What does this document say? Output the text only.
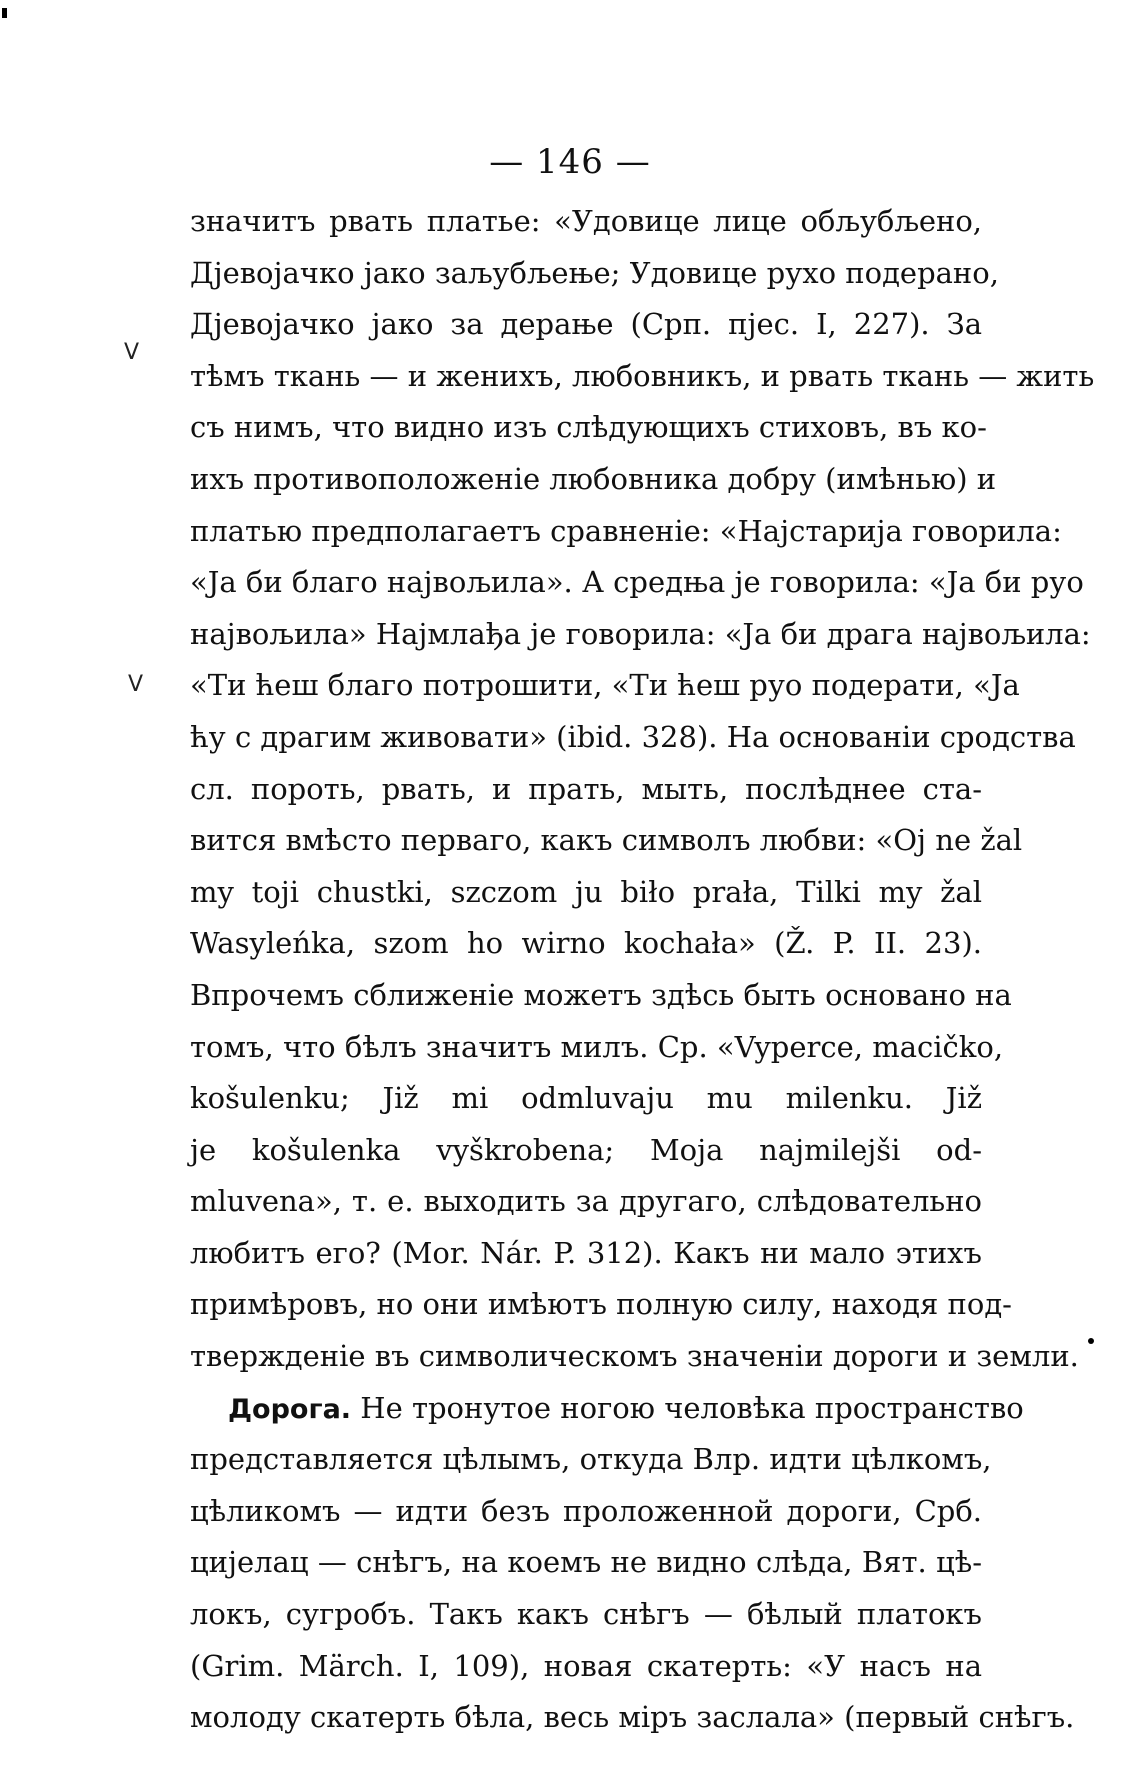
V
V
— 146 —
значитъ рвать платье: «Удовице лице обљубљено,
Дјевојачко јако заљубљење; Удовице рухо подерано,
Дјевојачко јако за дерање (Срп. пјес. I, 227). За
тѣмъ ткань — и женихъ, любовникъ, и рвать ткань — жить
съ нимъ, что видно изъ слѣдующихъ стиховъ, въ ко-
ихъ противоположеніе любовника добру (имѣнью) и
платью предполагаетъ сравненіе: «Најстарија говорила:
«Ја би благо највољила». А средња је говорила: «Ја би руо
највољила» Најмлађа је говорила: «Ја би драга највољила:
«Ти ћеш благо потрошити, «Ти ћеш руо подерати, «Ја
ћу с драгим живовати» (ibid. 328). На основаніи сродства
сл. пороть, рвать, и прать, мыть, послѣднее ста-
вится вмѣсто перваго, какъ символъ любви: «Oj ne žal
my toji chustki, szczom ju biło prała, Tilki my žal
Wasyleńka, szom ho wirno kochała» (Ž. P. II. 23).
Впрочемъ сближеніе можетъ здѣсь быть основано на
томъ, что бѣлъ значитъ милъ. Ср. «Vyperce, macičko,
košulenku; Již mi odmluvaju mu milenku. Již
je košulenka vyškrobena; Moja najmilejši od-
mluvena», т. е. выходить за другаго, слѣдовательно
любитъ его? (Mor. Nár. P. 312). Какъ ни мало этихъ
примѣровъ, но они имѣютъ полную силу, находя под-
твержденіе въ символическомъ значеніи дороги и земли.
Дорога. Не тронутое ногою человѣка пространство
представляется цѣлымъ, откуда Влр. идти цѣлкомъ,
цѣликомъ — идти безъ проложенной дороги, Срб.
цијелац — снѣгъ, на коемъ не видно слѣда, Вят. цѣ-
локъ, сугробъ. Такъ какъ снѣгъ — бѣлый платокъ
(Grim. Märch. I, 109), новая скатерть: «У насъ на
молоду скатерть бѣла, весь міръ заслала» (первый снѣгъ.
